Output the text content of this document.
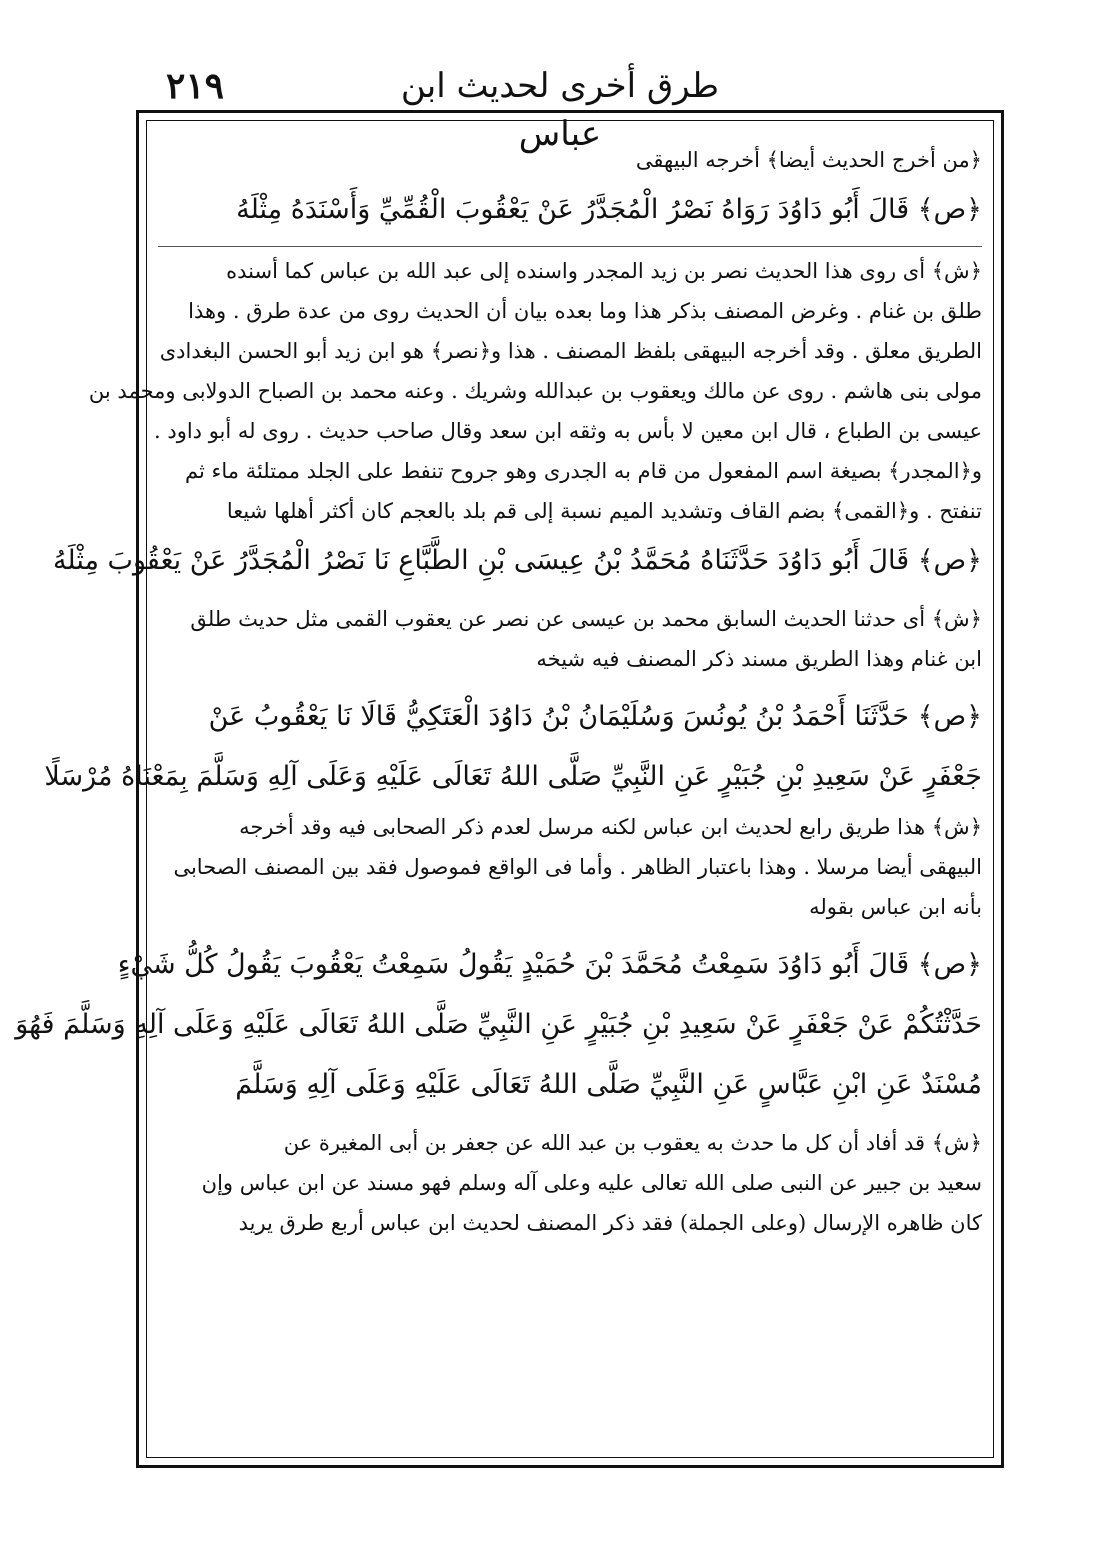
٢١٩	طرق أخرى لحديث ابن عباس
﴿من أخرج الحديث أيضا﴾ أخرجه البيهقى
﴿ص﴾ قَالَ أَبُو دَاوُدَ رَوَاهُ نَصْرُ الْمُجَدَّرُ عَنْ يَعْقُوبَ الْقُمِّيِّ وَأَسْنَدَهُ مِثْلَهُ
﴿ش﴾ أى روى هذا الحديث نصر بن زيد المجدر واسنده إلى عبد الله بن عباس كما أسنده
طلق بن غنام . وغرض المصنف بذكر هذا وما بعده بيان أن الحديث روى من عدة طرق . وهذا
الطريق معلق . وقد أخرجه البيهقى بلفظ المصنف . هذا و﴿نصر﴾ هو ابن زيد أبو الحسن البغدادى
مولى بنى هاشم . روى عن مالك ويعقوب بن عبدالله وشريك . وعنه محمد بن الصباح الدولابى ومحمد بن
عيسى بن الطباع ، قال ابن معين لا بأس به وثقه ابن سعد وقال صاحب حديث . روى له أبو داود .
و﴿المجدر﴾ بصيغة اسم المفعول من قام به الجدرى وهو جروح تنفط على الجلد ممتلئة ماء ثم
تنفتح . و﴿القمى﴾ بضم القاف وتشديد الميم نسبة إلى قم بلد بالعجم كان أكثر أهلها شيعا
﴿ص﴾ قَالَ أَبُو دَاوُدَ حَدَّثَنَاهُ مُحَمَّدُ بْنُ عِيسَى بْنِ الطَّبَّاعِ نَا نَصْرُ الْمُجَدَّرُ عَنْ يَعْقُوبَ مِثْلَهُ
﴿ش﴾ أى حدثنا الحديث السابق محمد بن عيسى عن نصر عن يعقوب القمى مثل حديث طلق
ابن غنام وهذا الطريق مسند ذكر المصنف فيه شيخه
﴿ص﴾ حَدَّثَنَا أَحْمَدُ بْنُ يُونُسَ وَسُلَيْمَانُ بْنُ دَاوُدَ الْعَتَكِيُّ قَالَا نَا يَعْقُوبُ عَنْ
جَعْفَرٍ عَنْ سَعِيدِ بْنِ جُبَيْرٍ عَنِ النَّبِيِّ صَلَّى اللهُ تَعَالَى عَلَيْهِ وَعَلَى آلِهِ وَسَلَّمَ بِمَعْنَاهُ مُرْسَلًا
﴿ش﴾ هذا طريق رابع لحديث ابن عباس لكنه مرسل لعدم ذكر الصحابى فيه وقد أخرجه
البيهقى أيضا مرسلا . وهذا باعتبار الظاهر . وأما فى الواقع فموصول فقد بين المصنف الصحابى
بأنه ابن عباس بقوله
﴿ص﴾ قَالَ أَبُو دَاوُدَ سَمِعْتُ مُحَمَّدَ بْنَ حُمَيْدٍ يَقُولُ سَمِعْتُ يَعْقُوبَ يَقُولُ كُلُّ شَيْءٍ
حَدَّثْتُكُمْ عَنْ جَعْفَرٍ عَنْ سَعِيدِ بْنِ جُبَيْرٍ عَنِ النَّبِيِّ صَلَّى اللهُ تَعَالَى عَلَيْهِ وَعَلَى آلِهِ وَسَلَّمَ فَهُوَ
مُسْنَدٌ عَنِ ابْنِ عَبَّاسٍ عَنِ النَّبِيِّ صَلَّى اللهُ تَعَالَى عَلَيْهِ وَعَلَى آلِهِ وَسَلَّمَ
﴿ش﴾ قد أفاد أن كل ما حدث به يعقوب بن عبد الله عن جعفر بن أبى المغيرة عن
سعيد بن جبير عن النبى صلى الله تعالى عليه وعلى آله وسلم فهو مسند عن ابن عباس وإن
كان ظاهره الإرسال (وعلى الجملة) فقد ذكر المصنف لحديث ابن عباس أربع طرق يريد
